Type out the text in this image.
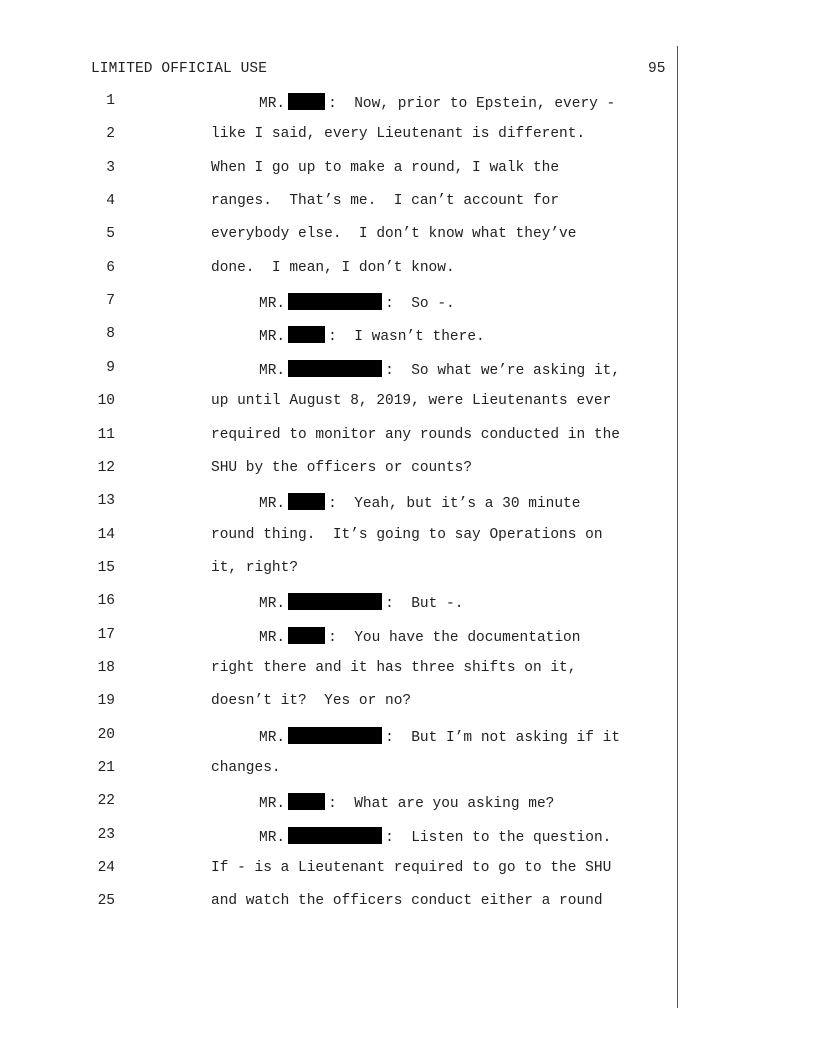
LIMITED OFFICIAL USE	95
1	MR.	:  Now, prior to Epstein, every -
2	like I said, every Lieutenant is different.
3	When I go up to make a round, I walk the
4	ranges.  That’s me.  I can’t account for
5	everybody else.  I don’t know what they’ve
6	done.  I mean, I don’t know.
7	MR.	:  So -.
8	MR.	:  I wasn’t there.
9	MR.	:  So what we’re asking it,
10	up until August 8, 2019, were Lieutenants ever
11	required to monitor any rounds conducted in the
12	SHU by the officers or counts?
13	MR.	:  Yeah, but it’s a 30 minute
14	round thing.  It’s going to say Operations on
15	it, right?
16	MR.	:  But -.
17	MR.	:  You have the documentation
18	right there and it has three shifts on it,
19	doesn’t it?  Yes or no?
20	MR.	:  But I’m not asking if it
21	changes.
22	MR.	:  What are you asking me?
23	MR.	:  Listen to the question.
24	If - is a Lieutenant required to go to the SHU
25	and watch the officers conduct either a round
